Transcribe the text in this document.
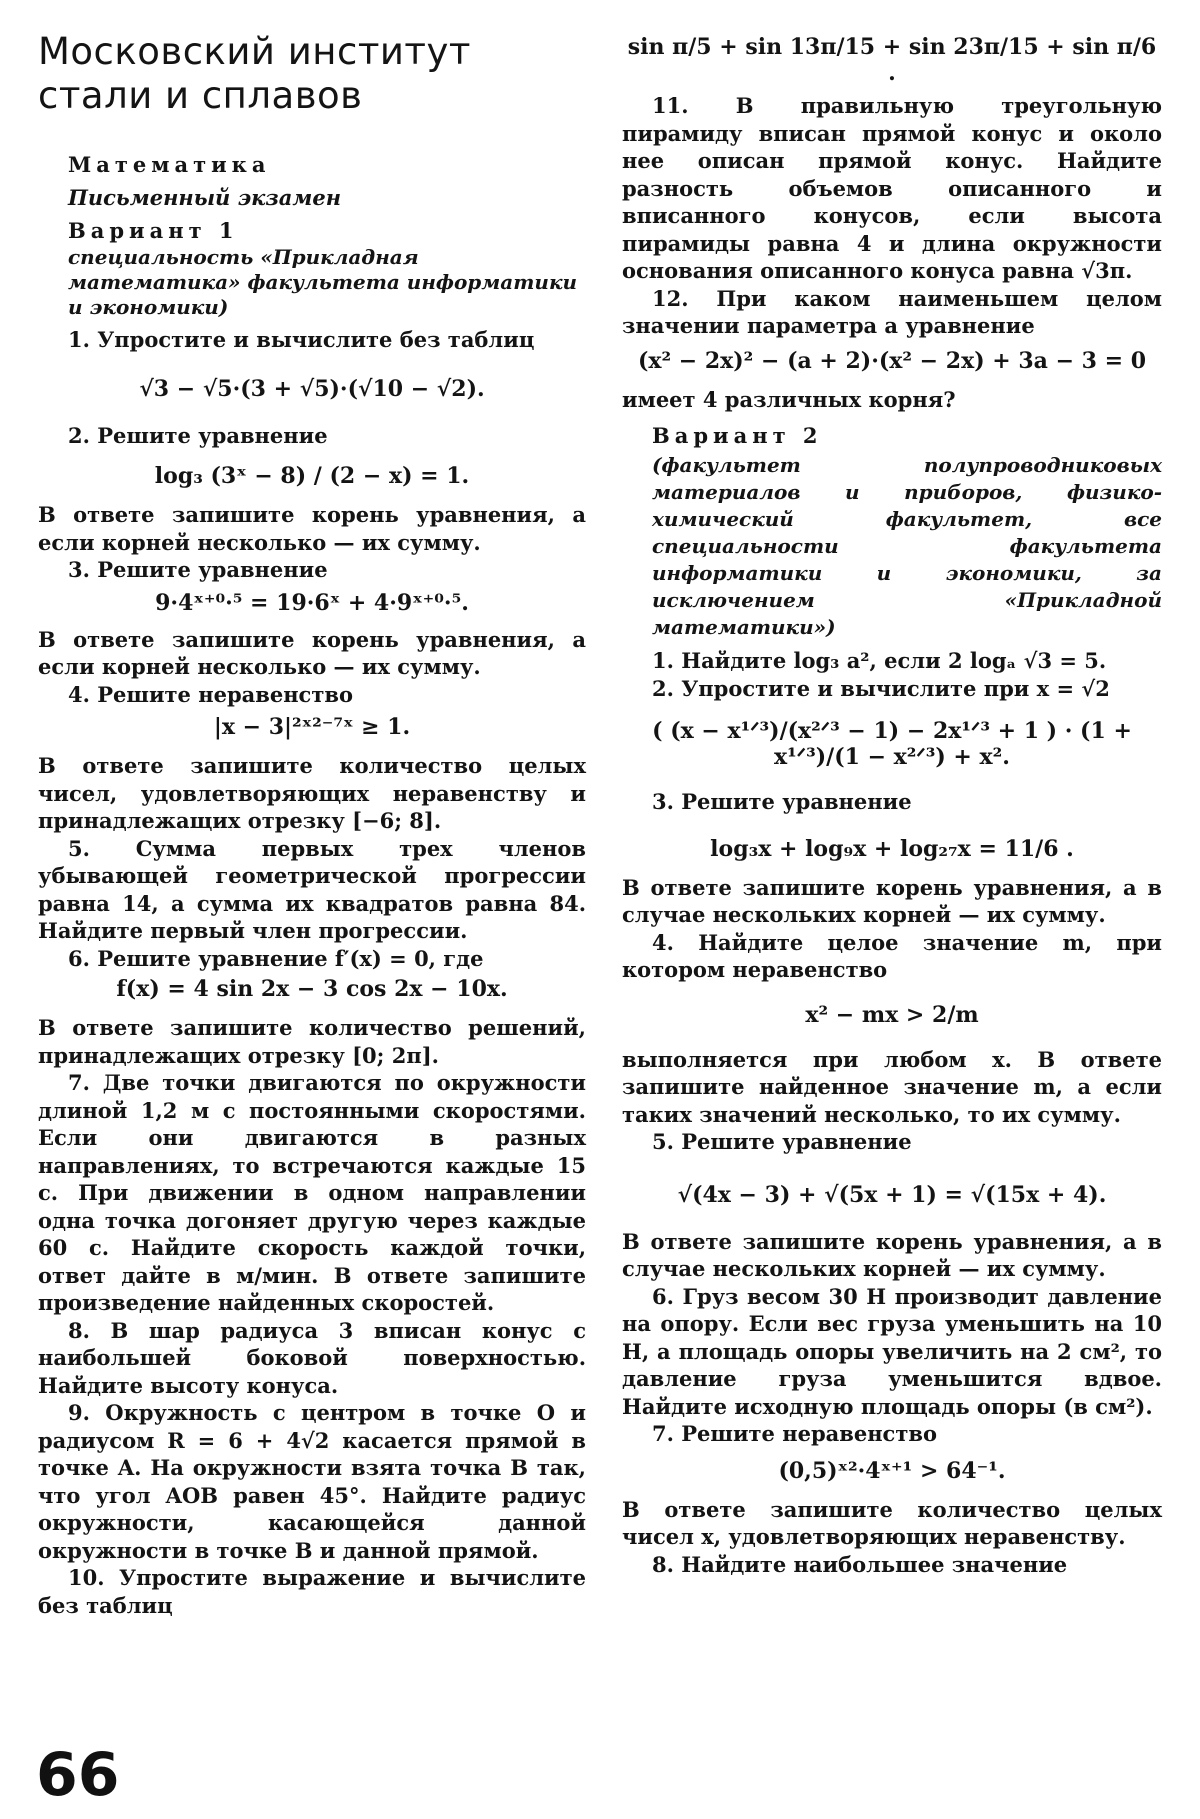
Московский институт стали и сплавов
Математика
Письменный экзамен
Вариант 1
специальность «Прикладная математика» факультета информатики и экономики)

1. Упростите и вычислите без таблиц

√3 − √5·(3 + √5)·(√10 − √2).

2. Решите уравнение

log₃ (3ˣ − 8) / (2 − x) = 1.

В ответе запишите корень уравнения, а если корней несколько — их сумму.

3. Решите уравнение

9·4ˣ⁺⁰·⁵ = 19·6ˣ + 4·9ˣ⁺⁰·⁵.

В ответе запишите корень уравнения, а если корней несколько — их сумму.

4. Решите неравенство

|x − 3|²ˣ²⁻⁷ˣ ≥ 1.

В ответе запишите количество целых чисел, удовлетворяющих неравенству и принадлежащих отрезку [−6; 8].

5. Сумма первых трех членов убывающей геометрической прогрессии равна 14, а сумма их квадратов равна 84. Найдите первый член прогрессии.

6. Решите уравнение f′(x) = 0, где

f(x) = 4 sin 2x − 3 cos 2x − 10x.

В ответе запишите количество решений, принадлежащих отрезку [0; 2π].

7. Две точки двигаются по окружности длиной 1,2 м с постоянными скоростями. Если они двигаются в разных направлениях, то встречаются каждые 15 с. При движении в одном направлении одна точка догоняет другую через каждые 60 с. Найдите скорость каждой точки, ответ дайте в м/мин. В ответе запишите произведение найденных скоростей.

8. В шар радиуса 3 вписан конус с наибольшей боковой поверхностью. Найдите высоту конуса.

9. Окружность с центром в точке O и радиусом R = 6 + 4√2 касается прямой в точке A. На окружности взята точка B так, что угол AOB равен 45°. Найдите радиус окружности, касающейся данной окружности в точке B и данной прямой.

10. Упростите выражение и вычислите без таблиц

sin π/5 + sin 13π/15 + sin 23π/15 + sin π/6 .

11. В правильную треугольную пирамиду вписан прямой конус и около нее описан прямой конус. Найдите разность объемов описанного и вписанного конусов, если высота пирамиды равна 4 и длина окружности основания описанного конуса равна √3π.

12. При каком наименьшем целом значении параметра a уравнение

(x² − 2x)² − (a + 2)·(x² − 2x) + 3a − 3 = 0

имеет 4 различных корня?

Вариант 2
(факультет полупроводниковых материалов и приборов, физико-химический факультет, все специальности факультета информатики и экономики, за исключением «Прикладной математики»)

1. Найдите log₃ a², если 2 logₐ √3 = 5.

2. Упростите и вычислите при x = √2

( (x − x¹ᐟ³)/(x²ᐟ³ − 1) − 2x¹ᐟ³ + 1 ) · (1 + x¹ᐟ³)/(1 − x²ᐟ³) + x².

3. Решите уравнение

log₃x + log₉x + log₂₇x = 11/6 .

В ответе запишите корень уравнения, а в случае нескольких корней — их сумму.

4. Найдите целое значение m, при котором неравенство

x² − mx > 2/m

выполняется при любом x. В ответе запишите найденное значение m, а если таких значений несколько, то их сумму.

5. Решите уравнение

√(4x − 3) + √(5x + 1) = √(15x + 4).

В ответе запишите корень уравнения, а в случае нескольких корней — их сумму.

6. Груз весом 30 Н производит давление на опору. Если вес груза уменьшить на 10 Н, а площадь опоры увеличить на 2 см², то давление груза уменьшится вдвое. Найдите исходную площадь опоры (в см²).

7. Решите неравенство

(0,5)ˣ²·4ˣ⁺¹ > 64⁻¹.

В ответе запишите количество целых чисел x, удовлетворяющих неравенству.

8. Найдите наибольшее значение

66
